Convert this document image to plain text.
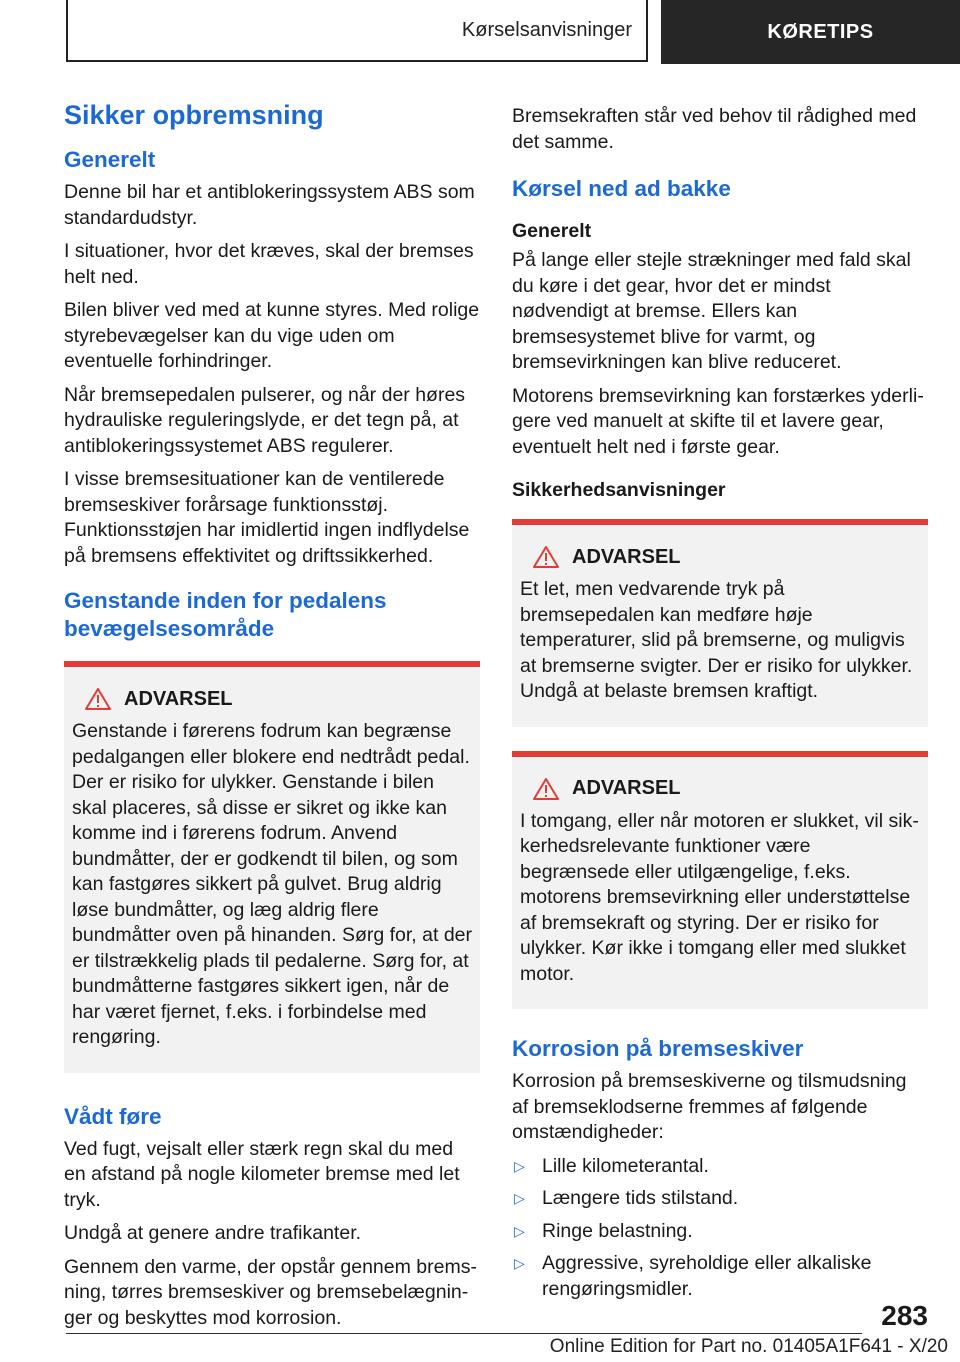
Kørselsanvisninger	KØRETIPS
Sikker opbremsning
Generelt

Denne bil har et antiblokeringssystem ABS som standardudstyr.

I situationer, hvor det kræves, skal der bremses helt ned.

Bilen bliver ved med at kunne styres. Med rolige styrebevægelser kan du vige uden om eventuelle forhindringer.

Når bremsepedalen pulserer, og når der høres hydrauliske reguleringslyde, er det tegn på, at antiblokeringssystemet ABS regulerer.

I visse bremsesituationer kan de ventilerede bremseskiver forårsage funktionsstøj. Funktionsstøjen har imidlertid ingen indflydelse på bremsens effektivitet og driftssikkerhed.

Genstande inden for pedalens bevægelsesområde
ADVARSEL

Genstande i førerens fodrum kan begrænse pedalgangen eller blokere end nedtrådt pedal. Der er risiko for ulykker. Genstande i bilen skal placeres, så disse er sikret og ikke kan komme ind i førerens fodrum. Anvend bundmåtter, der er godkendt til bilen, og som kan fastgøres sikkert på gulvet. Brug aldrig løse bundmåtter, og læg aldrig flere bundmåtter oven på hinanden. Sørg for, at der er tilstrækkelig plads til pedalerne. Sørg for, at bundmåtterne fastgøres sikkert igen, når de har været fjernet, f.eks. i forbindelse med rengøring.

Vådt føre

Ved fugt, vejsalt eller stærk regn skal du med en afstand på nogle kilometer bremse med let tryk.

Undgå at genere andre trafikanter.

Gennem den varme, der opstår gennem bremsning, tørres bremseskiver og bremsebelægninger og beskyttes mod korrosion.

Bremsekraften står ved behov til rådighed med det samme.

Kørsel ned ad bakke
Generelt

På lange eller stejle strækninger med fald skal du køre i det gear, hvor det er mindst nødvendigt at bremse. Ellers kan bremsesystemet blive for varmt, og bremsevirkningen kan blive reduceret.

Motorens bremsevirkning kan forstærkes yderligere ved manuelt at skifte til et lavere gear, eventuelt helt ned i første gear.

Sikkerhedsanvisninger
ADVARSEL

Et let, men vedvarende tryk på bremsepedalen kan medføre høje temperaturer, slid på bremserne, og muligvis at bremserne svigter. Der er risiko for ulykker. Undgå at belaste bremsen kraftigt.

ADVARSEL

I tomgang, eller når motoren er slukket, vil sikkerhedsrelevante funktioner være begrænsede eller utilgængelige, f.eks. motorens bremsevirkning eller understøttelse af bremsekraft og styring. Der er risiko for ulykker. Kør ikke i tomgang eller med slukket motor.

Korrosion på bremseskiver

Korrosion på bremseskiverne og tilsmudsning af bremseklodserne fremmes af følgende omstændigheder:

▷ Lille kilometerantal.
▷ Længere tids stilstand.
▷ Ringe belastning.
▷ Aggressive, syreholdige eller alkaliske rengøringsmidler.
283
Online Edition for Part no. 01405A1F641 - X/20
